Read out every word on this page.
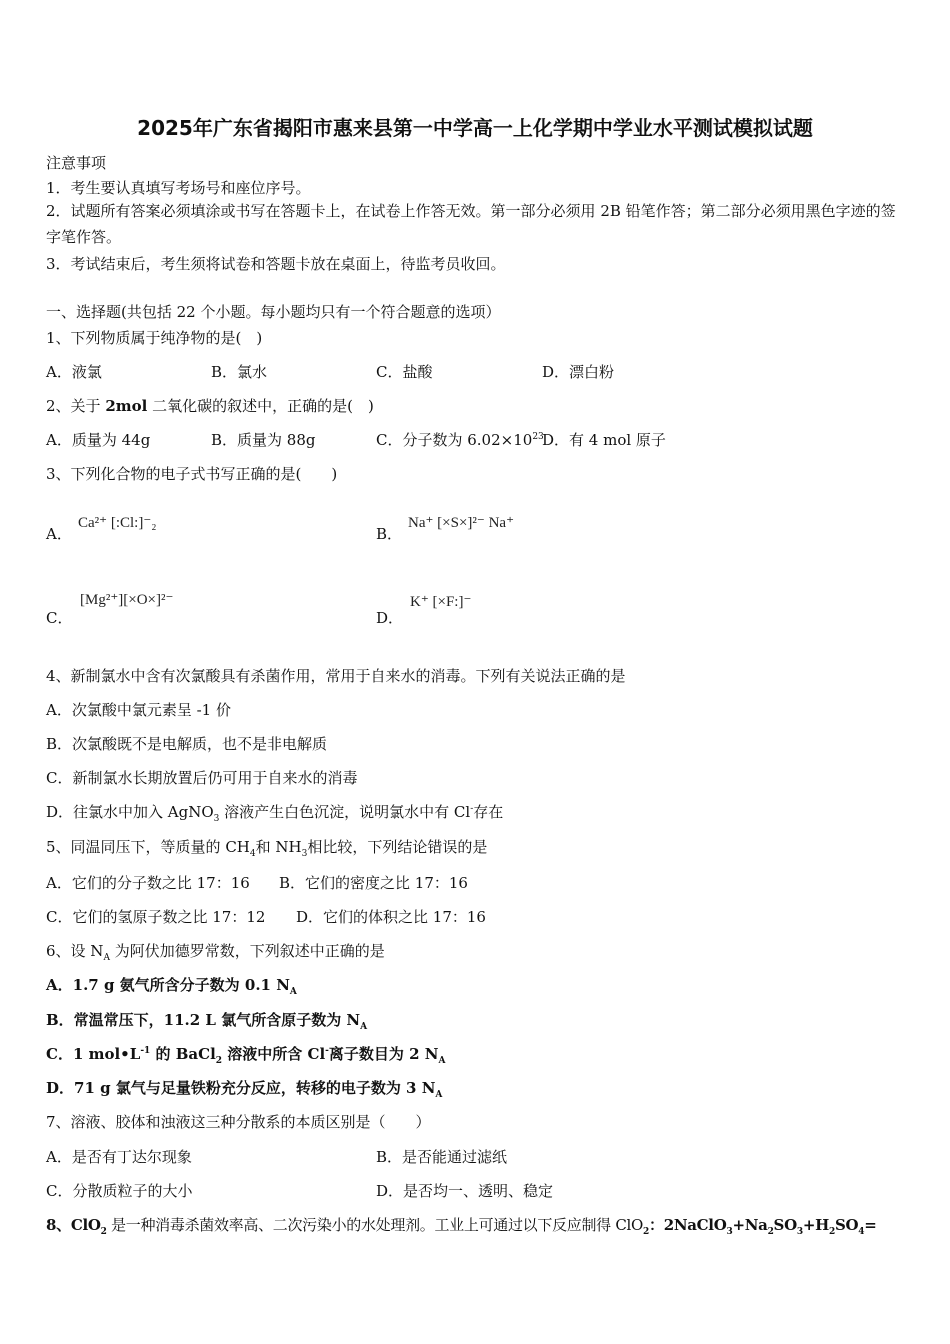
2025年广东省揭阳市惠来县第一中学高一上化学期中学业水平测试模拟试题
注意事项
1．考生要认真填写考场号和座位序号。
2．试题所有答案必须填涂或书写在答题卡上，在试卷上作答无效。第一部分必须用 2B 铅笔作答；第二部分必须用黑色字迹的签字笔作答。
3．考试结束后，考生须将试卷和答题卡放在桌面上，待监考员收回。
一、选择题(共包括 22 个小题。每小题均只有一个符合题意的选项）
1、下列物质属于纯净物的是(　)
A．液氯	B．氯水	C．盐酸	D．漂白粉
2、关于 2mol 二氧化碳的叙述中，正确的是(　)
A．质量为 44g	B．质量为 88g	C．分子数为 $6.02\times 10^{23}$
D．有 4 mol 原子
3、下列化合物的电子式书写正确的是(　　)
A．
Ca²⁺ [:Cl:]⁻₂
B．
Na⁺ [×S×]²⁻ Na⁺
C．
[Mg²⁺][×O×]²⁻
D．
K⁺ [×F:]⁻
4、新制氯水中含有次氯酸具有杀菌作用，常用于自来水的消毒。下列有关说法正确的是
A．次氯酸中氯元素呈 -1 价
B．次氯酸既不是电解质，也不是非电解质
C．新制氯水长期放置后仍可用于自来水的消毒
D．往氯水中加入 AgNO$_3$ 溶液产生白色沉淀，说明氯水中有 Cl-存在
5、同温同压下，等质量的 $CH_4$和 $NH_3$相比较，下列结论错误的是
A．它们的分子数之比 17：16 B．它们的密度之比 17：16
C．它们的氢原子数之比 17：12 D．它们的体积之比 17：16
6、设 $N_A$ 为阿伏加德罗常数，下列叙述中正确的是
A．1.7 g 氨气所含分子数为 0.1 $N_A$
B．常温常压下，11.2 L 氯气所含原子数为 $N_A$
C．1 $mol•L^{-1}$ 的 BaCl$_2$ 溶液中所含 Cl-离子数目为 2 $N_A$
D．71 g 氯气与足量铁粉充分反应，转移的电子数为 3 $N_A$
7、溶液、胶体和浊液这三种分散系的本质区别是（　　）
A．是否有丁达尔现象	B．是否能通过滤纸
C．分散质粒子的大小	D．是否均一、透明、稳定
8、ClO$_2$ 是一种消毒杀菌效率高、二次污染小的水处理剂。工业上可通过以下反应制得 ClO$_2$：$2NaClO_3+Na_2SO_3+H_2SO_4=$
